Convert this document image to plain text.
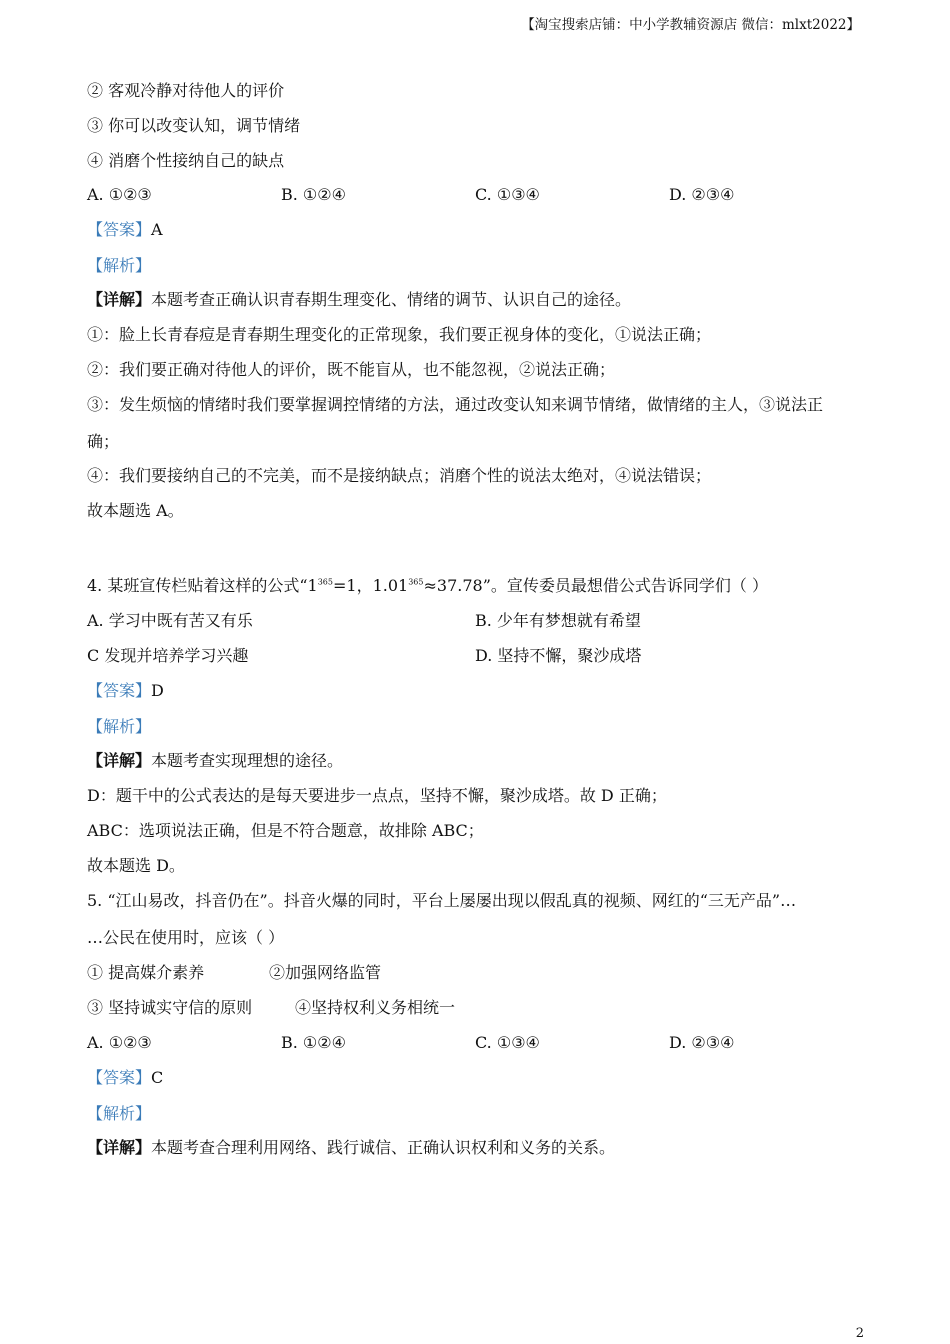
【淘宝搜索店铺：中小学教辅资源店 微信：mlxt2022】
② 客观冷静对待他人的评价
③ 你可以改变认知，调节情绪
④ 消磨个性接纳自己的缺点
A. ①②③	B. ①②④	C. ①③④	D. ②③④
【答案】A
【解析】
【详解】本题考查正确认识青春期生理变化、情绪的调节、认识自己的途径。
①：脸上长青春痘是青春期生理变化的正常现象，我们要正视身体的变化，①说法正确；
②：我们要正确对待他人的评价，既不能盲从，也不能忽视，②说法正确；
③：发生烦恼的情绪时我们要掌握调控情绪的方法，通过改变认知来调节情绪，做情绪的主人，③说法正
确；
④：我们要接纳自己的不完美，而不是接纳缺点；消磨个性的说法太绝对，④说法错误；
故本题选 A。
4. 某班宣传栏贴着这样的公式“$1^{365}=1$，$1.01^{365}\approx 37.78$”。宣传委员最想借公式告诉同学们（ ）
A. 学习中既有苦又有乐	B. 少年有梦想就有希望
C 发现并培养学习兴趣	D. 坚持不懈，聚沙成塔
【答案】D
【解析】
【详解】本题考查实现理想的途径。
D：题干中的公式表达的是每天要进步一点点，坚持不懈，聚沙成塔。故 D 正确；
ABC：选项说法正确，但是不符合题意，故排除 ABC；
故本题选 D。
5. “江山易改，抖音仍在”。抖音火爆的同时，平台上屡屡出现以假乱真的视频、网红的“三无产品”…
…公民在使用时，应该（ ）
① 提高媒介素养	②加强网络监管
③ 坚持诚实守信的原则	④坚持权利义务相统一
A. ①②③	B. ①②④	C. ①③④	D. ②③④
【答案】C
【解析】
【详解】本题考查合理利用网络、践行诚信、正确认识权利和义务的关系。
2
